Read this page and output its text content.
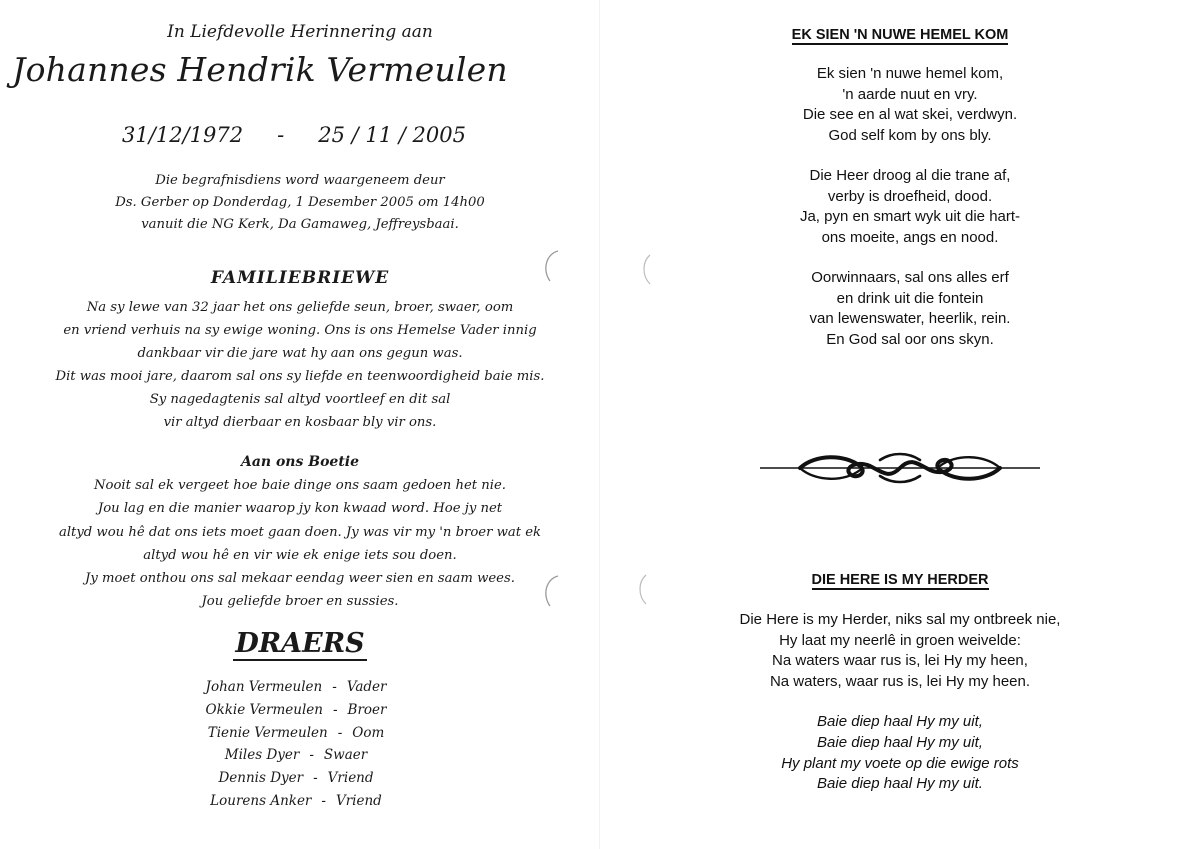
In Liefdevolle Herinnering aan
Johannes Hendrik Vermeulen
31/12/1972 - 25 / 11 / 2005
Die begrafnisdiens word waargeneem deur
Ds. Gerber op Donderdag, 1 Desember 2005 om 14h00
vanuit die NG Kerk, Da Gamaweg, Jeffreysbaai.
FAMILIEBRIEWE
Na sy lewe van 32 jaar het ons geliefde seun, broer, swaer, oom
en vriend verhuis na sy ewige woning. Ons is ons Hemelse Vader innig
dankbaar vir die jare wat hy aan ons gegun was.
Dit was mooi jare, daarom sal ons sy liefde en teenwoordigheid baie mis.
Sy nagedagtenis sal altyd voortleef en dit sal
vir altyd dierbaar en kosbaar bly vir ons.
Aan ons Boetie
Nooit sal ek vergeet hoe baie dinge ons saam gedoen het nie.
Jou lag en die manier waarop jy kon kwaad word. Hoe jy net
altyd wou hê dat ons iets moet gaan doen. Jy was vir my 'n broer wat ek
altyd wou hê en vir wie ek enige iets sou doen.
Jy moet onthou ons sal mekaar eendag weer sien en saam wees.
Jou geliefde broer en sussies.
DRAERS
Johan Vermeulen - Vader
Okkie Vermeulen - Broer
Tienie Vermeulen - Oom
Miles Dyer - Swaer
Dennis Dyer - Vriend
Lourens Anker - Vriend
EK SIEN 'N NUWE HEMEL KOM
Ek sien 'n nuwe hemel kom,
'n aarde nuut en vry.
Die see en al wat skei, verdwyn.
God self kom by ons bly.
Die Heer droog al die trane af,
verby is droefheid, dood.
Ja, pyn en smart wyk uit die hart-
ons moeite, angs en nood.
Oorwinnaars, sal ons alles erf
en drink uit die fontein
van lewenswater, heerlik, rein.
En God sal oor ons skyn.
DIE HERE IS MY HERDER
Die Here is my Herder, niks sal my ontbreek nie,
Hy laat my neerlê in groen weivelde:
Na waters waar rus is, lei Hy my heen,
Na waters, waar rus is, lei Hy my heen.
Baie diep haal Hy my uit,
Baie diep haal Hy my uit,
Hy plant my voete op die ewige rots
Baie diep haal Hy my uit.
